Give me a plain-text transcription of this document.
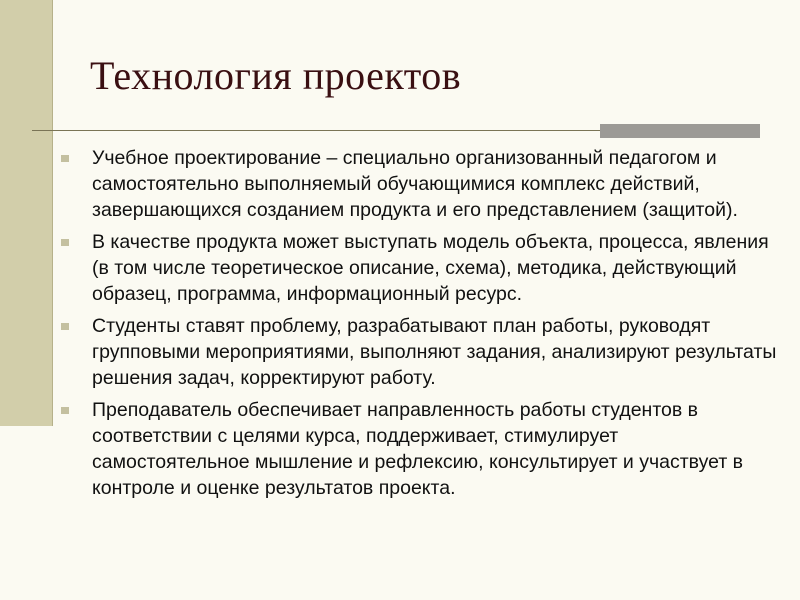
Технология проектов
Учебное проектирование – специально организованный педагогом и самостоятельно выполняемый обучающимися комплекс действий, завершающихся созданием продукта и его представлением (защитой).
В качестве продукта может выступать модель объекта, процесса, явления (в том числе теоретическое описание, схема), методика, действующий образец, программа, информационный ресурс.
Студенты ставят проблему, разрабатывают план работы, руководят групповыми мероприятиями, выполняют задания, анализируют результаты решения задач, корректируют работу.
Преподаватель обеспечивает направленность работы студентов в соответствии с целями курса, поддерживает, стимулирует самостоятельное мышление и рефлексию, консультирует и участвует в контроле и оценке результатов проекта.
